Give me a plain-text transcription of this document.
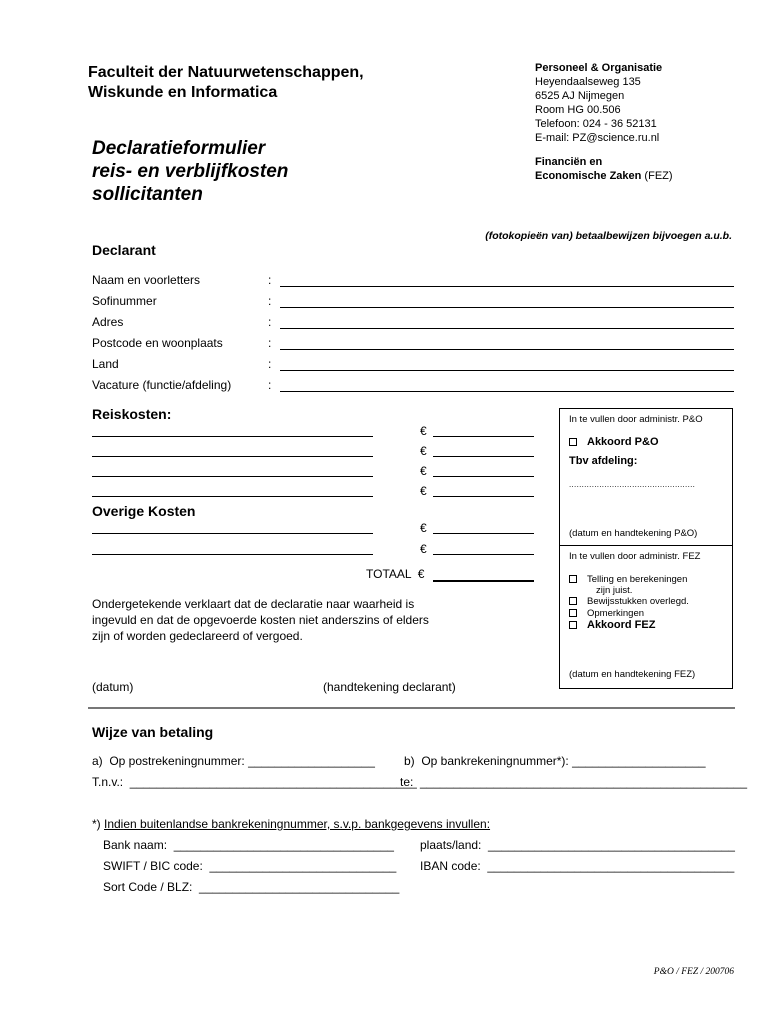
Faculteit der Natuurwetenschappen,
Wiskunde en Informatica
Personeel & Organisatie
Heyendaalseweg 135
6525 AJ Nijmegen
Room HG 00.506
Telefoon: 024 - 36 52131
E-mail: PZ@science.ru.nl
Declaratieformulier
reis- en verblijfkosten
sollicitanten
Financiën en
Economische Zaken (FEZ)
(fotokopieën van) betaalbewijzen bijvoegen a.u.b.
Declarant
Naam en voorletters	:
Sofinummer	:
Adres	:
Postcode en woonplaats	:
Land	:
Vacature (functie/afdeling)	:
Reiskosten:
€
€
€
€
Overige Kosten
€
€
TOTAAL  €
Ondergetekende verklaart dat de declaratie naar waarheid is
ingevuld en dat de opgevoerde kosten niet anderszins of elders
zijn of worden gedeclareerd of vergoed.
(datum)	(handtekening declarant)
In te vullen door administr. P&O
Akkoord P&O
Tbv afdeling:
..................................................
(datum en handtekening P&O)
In te vullen door administr. FEZ
Telling en berekeningen
zijn juist.
Bewijsstukken overlegd.
Opmerkingen
Akkoord FEZ
(datum en handtekening FEZ)
Wijze van betaling
a)  Op postrekeningnummer: ___________________ b)  Op bankrekeningnummer*): ____________________
T.n.v.:  ___________________________________________
te:  _________________________________________________
*) Indien buitenlandse bankrekeningnummer, s.v.p. bankgegevens invullen:
Bank naam:  _________________________________ plaats/land:  _____________________________________
SWIFT / BIC code:  ____________________________ IBAN code:  _____________________________________
Sort Code / BLZ:  ______________________________
P&O / FEZ / 200706
